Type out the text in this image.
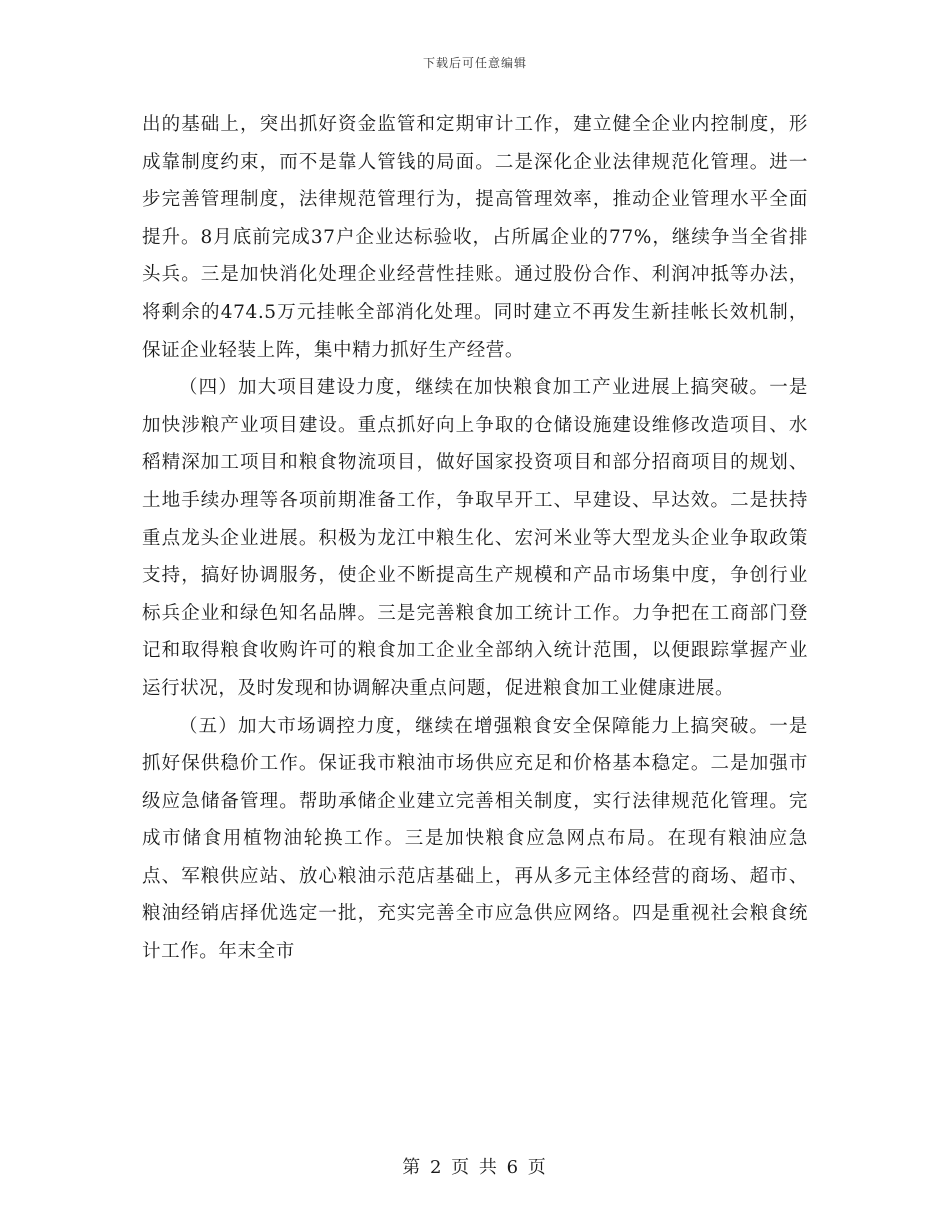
下载后可任意编辑

出的基础上，突出抓好资金监管和定期审计工作，建立健全企业内控制度，形成靠制度约束，而不是靠人管钱的局面。二是深化企业法律规范化管理。进一步完善管理制度，法律规范管理行为，提高管理效率，推动企业管理水平全面提升。8月底前完成37户企业达标验收，占所属企业的77%，继续争当全省排头兵。三是加快消化处理企业经营性挂账。通过股份合作、利润冲抵等办法，将剩余的474.5万元挂帐全部消化处理。同时建立不再发生新挂帐长效机制，保证企业轻装上阵，集中精力抓好生产经营。

（四）加大项目建设力度，继续在加快粮食加工产业进展上搞突破。一是加快涉粮产业项目建设。重点抓好向上争取的仓储设施建设维修改造项目、水稻精深加工项目和粮食物流项目，做好国家投资项目和部分招商项目的规划、土地手续办理等各项前期准备工作，争取早开工、早建设、早达效。二是扶持重点龙头企业进展。积极为龙江中粮生化、宏河米业等大型龙头企业争取政策支持，搞好协调服务，使企业不断提高生产规模和产品市场集中度，争创行业标兵企业和绿色知名品牌。三是完善粮食加工统计工作。力争把在工商部门登记和取得粮食收购许可的粮食加工企业全部纳入统计范围，以便跟踪掌握产业运行状况，及时发现和协调解决重点问题，促进粮食加工业健康进展。

（五）加大市场调控力度，继续在增强粮食安全保障能力上搞突破。一是抓好保供稳价工作。保证我市粮油市场供应充足和价格基本稳定。二是加强市级应急储备管理。帮助承储企业建立完善相关制度，实行法律规范化管理。完成市储食用植物油轮换工作。三是加快粮食应急网点布局。在现有粮油应急点、军粮供应站、放心粮油示范店基础上，再从多元主体经营的商场、超市、粮油经销店择优选定一批，充实完善全市应急供应网络。四是重视社会粮食统计工作。年末全市

第 2 页 共 6 页
